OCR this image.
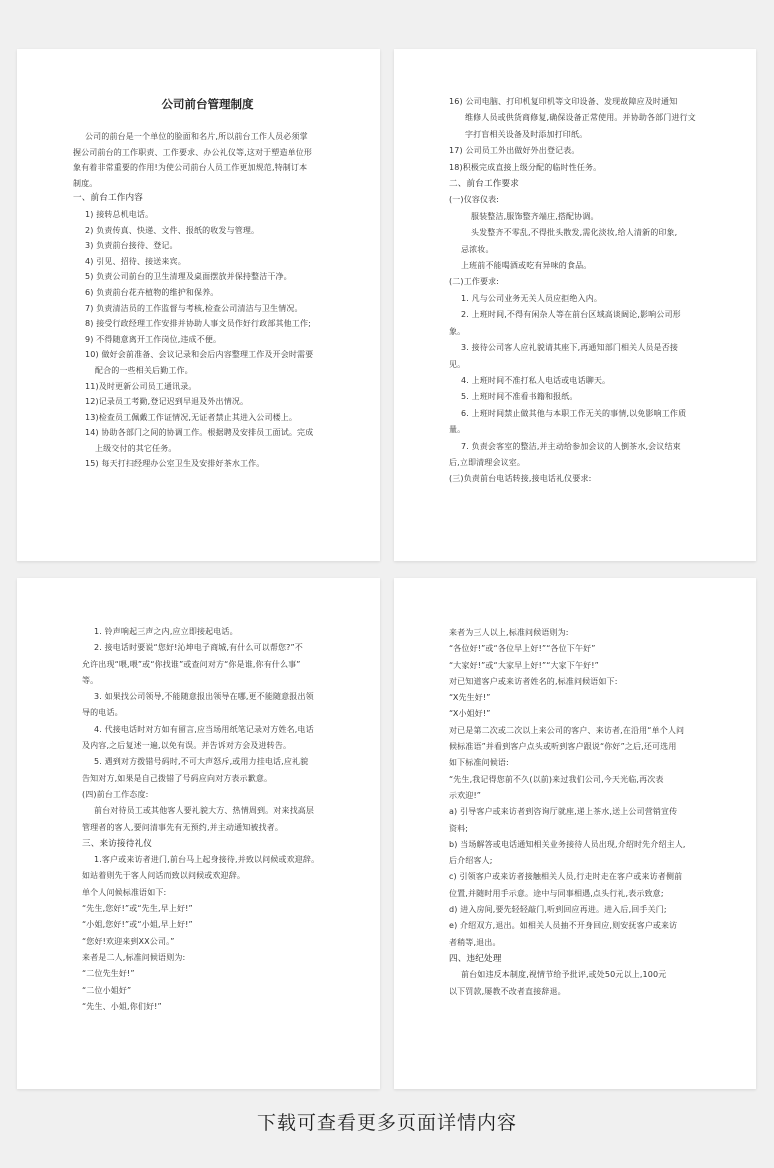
公司前台管理制度
公司的前台是一个单位的脸面和名片,所以前台工作人员必须掌
握公司前台的工作职责、工作要求、办公礼仪等,这对于塑造单位形
象有着非常重要的作用!为使公司前台人员工作更加规范,特制订本
制度。
一、前台工作内容
1) 接转总机电话。
2) 负责传真、快递、文件、报纸的收发与管理。
3) 负责前台接待、登记。
4) 引见、招待、接送来宾。
5) 负责公司前台的卫生清理及桌面摆放并保持整洁干净。
6) 负责前台花卉植物的维护和保养。
7) 负责清洁员的工作监督与考核,检查公司清洁与卫生情况。
8) 接受行政经理工作安排并协助人事文员作好行政部其他工作;
9) 不得随意离开工作岗位,违成不便。
10) 做好会前准备、会议记录和会后内容整理工作及开会时需要
配合的一些相关后勤工作。
11)及时更新公司员工通讯录。
12)记录员工考勤,登记迟到早退及外出情况。
13)检查员工佩戴工作证情况,无证者禁止其进入公司楼上。
14) 协助各部门之间的协调工作。根据聘及安排员工面试。完成
上级交付的其它任务。
15) 每天打扫经理办公室卫生及安排好茶水工作。
16) 公司电脑、打印机复印机等文印设备、发现故障应及时通知
维修人员或供货商修复,确保设备正常使用。并协助各部门进行文
字打盲相关设备及时添加打印纸。
17) 公司员工外出做好外出登记表。
18)积极完成直接上级分配的临时性任务。
二、前台工作要求
(一)仪容仪表:
服装整洁,服饰整齐端庄,搭配协调。
头发整齐不零乱,不得批头散发,需化淡妆,给人清新的印象,
忌浓妆。
上班前不能喝酒或吃有异味的食品。
(二)工作要求:
1. 凡与公司业务无关人员应拒绝入内。
2. 上班时间,不得有闲杂人等在前台区域高谈阔论,影响公司形
象。
3. 接待公司客人应礼貌请其座下,再通知部门相关人员是否接
见。
4. 上班时间不准打私人电话或电话聊天。
5. 上班时间不准看书籍和报纸。
6. 上班时间禁止做其他与本职工作无关的事情,以免影响工作质
量。
7. 负责会客室的整洁,并主动给参加会议的人倒茶水,会议结束
后,立即清理会议室。
(三)负责前台电话转接,接电话礼仪要求:
1. 铃声响起三声之内,应立即接起电话。
2. 接电话时要说“您好!沁坤电子商城,有什么可以帮您?”不
允许出现“喂,喂”或“你找谁”或查问对方“你是谁,你有什么事”
等。
3. 如果找公司领导,不能随意报出领导在哪,更不能随意报出领
导的电话。
4. 代接电话时对方如有留言,应当场用纸笔记录对方姓名,电话
及内容,之后复述一遍,以免有误。并告诉对方会及进转告。
5. 遇到对方拨错号码时,不可大声怒斥,或用力挂电话,应礼貌
告知对方,如果是自己拨错了号码应向对方表示歉意。
(四)前台工作态度:
前台对待员工或其他客人要礼貌大方、热情周到。对来找高层
管理者的客人,要问清事先有无预约,并主动通知被找者。
三、来访接待礼仪
1.客户或来访者进门,前台马上起身接待,并致以问候或欢迎辞。
如站着则先于客人问话而致以问候或欢迎辞。
单个人问候标准语如下:
“先生,您好!”或“先生,早上好!”
“小姐,您好!”或“小姐,早上好!”
“您好!欢迎来到XX公司。”
来者是二人,标准问候语则为:
“二位先生好!”
“二位小姐好”
“先生、小姐,你们好!”
来者为三人以上,标准问候语则为:
“各位好!”或“各位早上好!”“各位下午好”
“大家好!”或“大家早上好!”“大家下午好!”
对已知道客户或来访者姓名的,标准问候语如下:
“X先生好!”
“X小姐好!”
对已是第二次或二次以上来公司的客户、来访者,在沿用“单个人问
候标准语”并看到客户点头或听到客户跟说“你好”之后,还可选用
如下标准问候语:
“先生,我记得您前不久(以前)来过我们公司,今天光临,再次表
示欢迎!”
a) 引导客户或来访者到咨询厅就座,递上茶水,送上公司营销宣传
资料;
b) 当场解答或电话通知相关业务接待人员出现,介绍时先介绍主人,
后介绍客人;
c) 引领客户或来访者接触相关人员,行走时走在客户或来访者侧前
位置,并随时用手示意。途中与同事相遇,点头行礼,表示致意;
d) 进入房间,要先轻轻敲门,听到回应再进。进入后,回手关门;
e) 介绍双方,退出。如相关人员抽不开身回应,则安抚客户或来访
者稍等,退出。
四、违纪处理
前台如违反本制度,视情节给予批评,或处50元以上,100元
以下罚款,屡教不改者直接辞退。
下载可查看更多页面详情内容
